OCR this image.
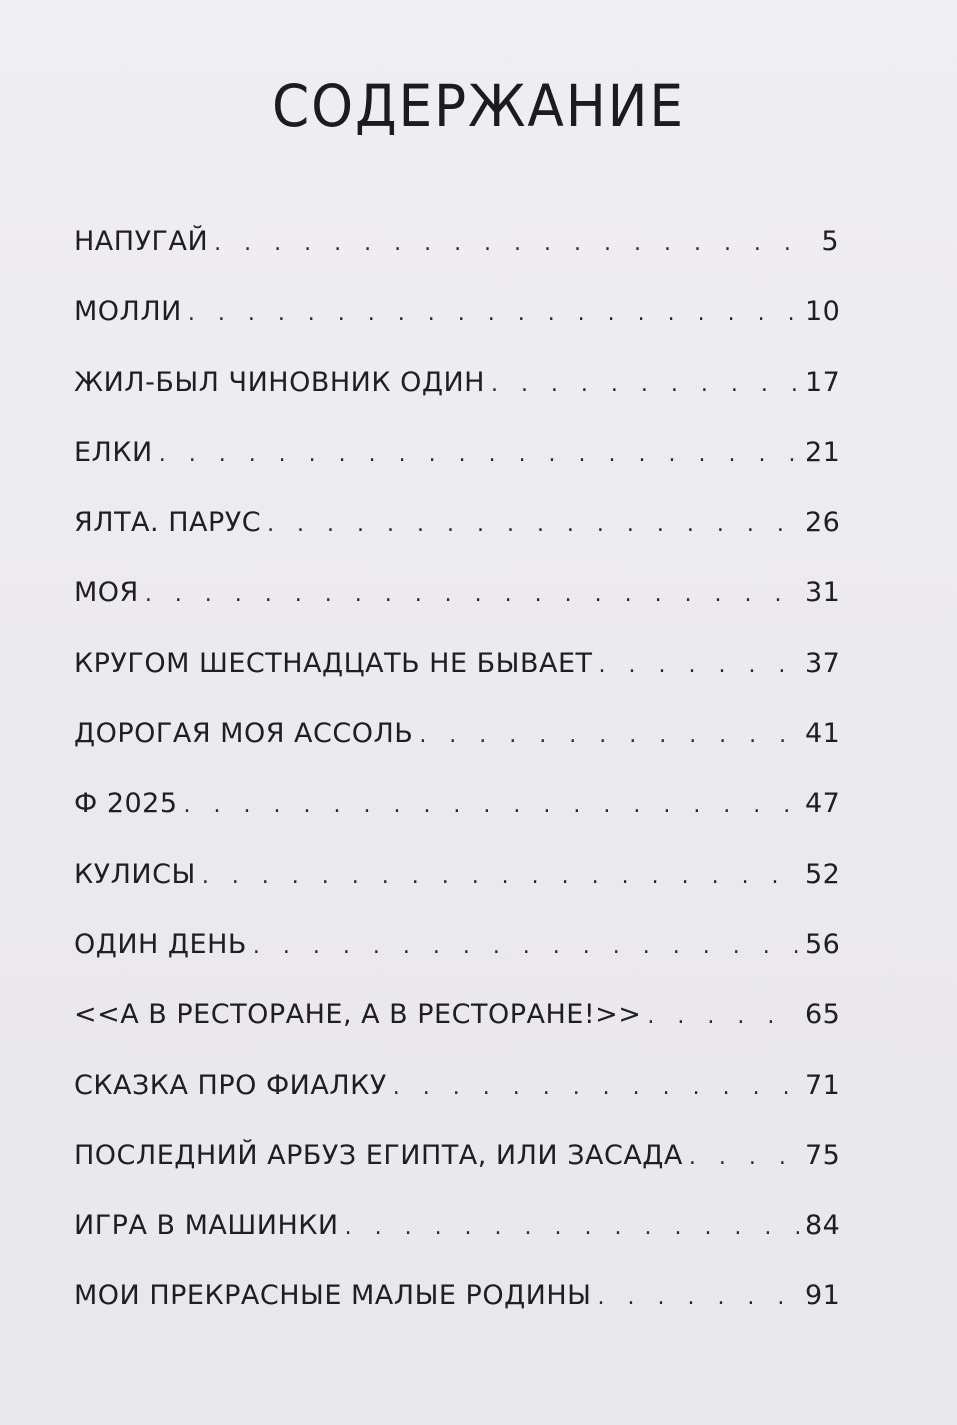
СОДЕРЖАНИЕ
НАПУГАЙ . . .	5
МОЛЛИ . . .	10
ЖИЛ-БЫЛ ЧИНОВНИК ОДИН . . .	17
ЕЛКИ . . .	21
ЯЛТА. ПАРУС . . .	26
МОЯ . . .	31
КРУГОМ ШЕСТНАДЦАТЬ НЕ БЫВАЕТ . . .	37
ДОРОГАЯ МОЯ АССОЛЬ . . .	41
Ф 2025 . . .	47
КУЛИСЫ . . .	52
ОДИН ДЕНЬ . . .	56
<<А В РЕСТОРАНЕ, А В РЕСТОРАНЕ!>> . . .	65
СКАЗКА ПРО ФИАЛКУ . . .	71
ПОСЛЕДНИЙ АРБУЗ ЕГИПТА, ИЛИ ЗАСАДА . . .	75
ИГРА В МАШИНКИ . . .	84
МОИ ПРЕКРАСНЫЕ МАЛЫЕ РОДИНЫ . . .	91
